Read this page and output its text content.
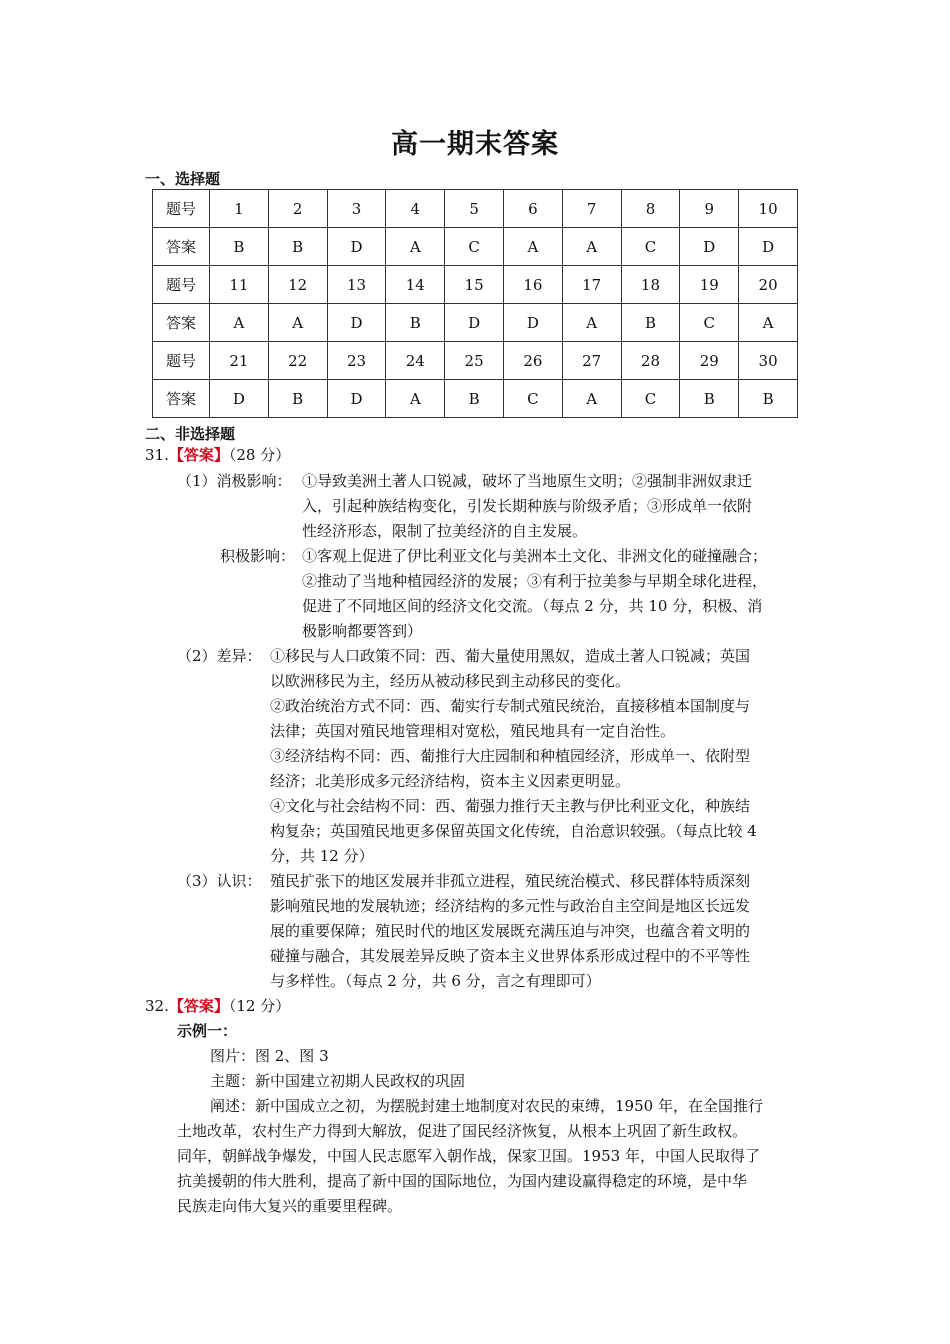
高一期末答案
一、选择题
题号	1	2	3	4	5	6	7	8	9	10
答案	B	B	D	A	C	A	A	C	D	D
题号	11	12	13	14	15	16	17	18	19	20
答案	A	A	D	B	D	D	A	B	C	A
题号	21	22	23	24	25	26	27	28	29	30
答案	D	B	D	A	B	C	A	C	B	B
二、非选择题
31.【答案】（28 分）
（1）消极影响： ①导致美洲土著人口锐减，破坏了当地原生文明；②强制非洲奴隶迁
入，引起种族结构变化，引发长期种族与阶级矛盾；③形成单一依附
性经济形态，限制了拉美经济的自主发展。
积极影响： ①客观上促进了伊比利亚文化与美洲本土文化、非洲文化的碰撞融合；
②推动了当地种植园经济的发展；③有利于拉美参与早期全球化进程，
促进了不同地区间的经济文化交流。（每点 2 分，共 10 分，积极、消
极影响都要答到）
（2）差异： ①移民与人口政策不同：西、葡大量使用黑奴，造成土著人口锐减；英国
以欧洲移民为主，经历从被动移民到主动移民的变化。
②政治统治方式不同：西、葡实行专制式殖民统治，直接移植本国制度与
法律；英国对殖民地管理相对宽松，殖民地具有一定自治性。
③经济结构不同：西、葡推行大庄园制和种植园经济，形成单一、依附型
经济；北美形成多元经济结构，资本主义因素更明显。
④文化与社会结构不同：西、葡强力推行天主教与伊比利亚文化，种族结
构复杂；英国殖民地更多保留英国文化传统，自治意识较强。（每点比较 4
分，共 12 分）
（3）认识： 殖民扩张下的地区发展并非孤立进程，殖民统治模式、移民群体特质深刻
影响殖民地的发展轨迹；经济结构的多元性与政治自主空间是地区长远发
展的重要保障；殖民时代的地区发展既充满压迫与冲突，也蕴含着文明的
碰撞与融合，其发展差异反映了资本主义世界体系形成过程中的不平等性
与多样性。（每点 2 分，共 6 分，言之有理即可）
32.【答案】（12 分）
示例一：
图片：图 2、图 3
主题：新中国建立初期人民政权的巩固
阐述：新中国成立之初，为摆脱封建土地制度对农民的束缚，1950 年，在全国推行
土地改革，农村生产力得到大解放，促进了国民经济恢复，从根本上巩固了新生政权。
同年，朝鲜战争爆发，中国人民志愿军入朝作战，保家卫国。1953 年，中国人民取得了
抗美援朝的伟大胜利，提高了新中国的国际地位，为国内建设赢得稳定的环境，是中华
民族走向伟大复兴的重要里程碑。
